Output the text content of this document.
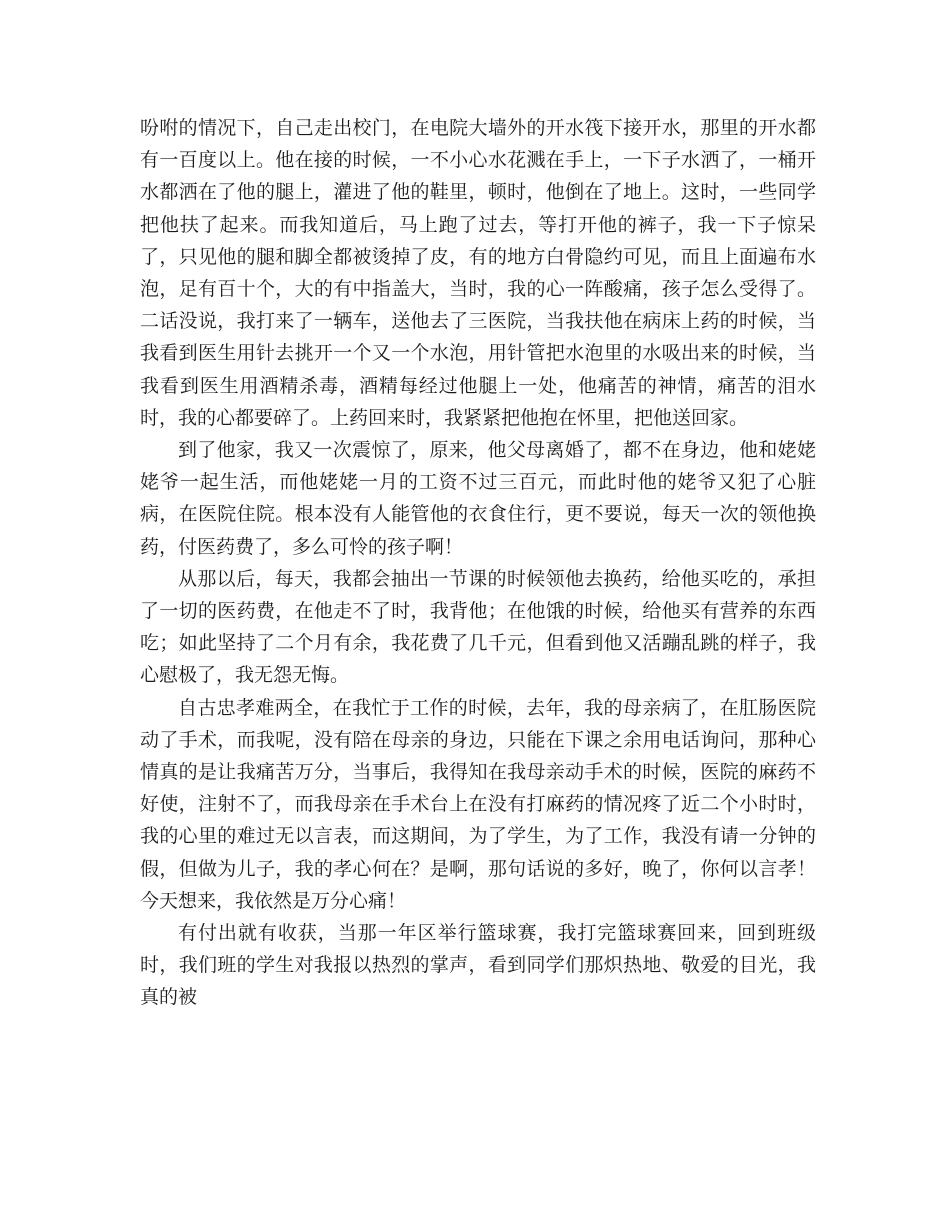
吩咐的情况下，自己走出校门，在电院大墙外的开水筏下接开水，那里的开水都有一百度以上。他在接的时候，一不小心水花溅在手上，一下子水洒了，一桶开水都洒在了他的腿上，灌进了他的鞋里，顿时，他倒在了地上。这时，一些同学把他扶了起来。而我知道后，马上跑了过去，等打开他的裤子，我一下子惊呆了，只见他的腿和脚全都被烫掉了皮，有的地方白骨隐约可见，而且上面遍布水泡，足有百十个，大的有中指盖大，当时，我的心一阵酸痛，孩子怎么受得了。二话没说，我打来了一辆车，送他去了三医院，当我扶他在病床上药的时候，当我看到医生用针去挑开一个又一个水泡，用针管把水泡里的水吸出来的时候，当我看到医生用酒精杀毒，酒精每经过他腿上一处，他痛苦的神情，痛苦的泪水时，我的心都要碎了。上药回来时，我紧紧把他抱在怀里，把他送回家。

到了他家，我又一次震惊了，原来，他父母离婚了，都不在身边，他和姥姥姥爷一起生活，而他姥姥一月的工资不过三百元，而此时他的姥爷又犯了心脏病，在医院住院。根本没有人能管他的衣食住行，更不要说，每天一次的领他换药，付医药费了，多么可怜的孩子啊！

从那以后，每天，我都会抽出一节课的时候领他去换药，给他买吃的，承担了一切的医药费，在他走不了时，我背他；在他饿的时候，给他买有营养的东西吃；如此坚持了二个月有余，我花费了几千元，但看到他又活蹦乱跳的样子，我心慰极了，我无怨无悔。

自古忠孝难两全，在我忙于工作的时候，去年，我的母亲病了，在肛肠医院动了手术，而我呢，没有陪在母亲的身边，只能在下课之余用电话询问，那种心情真的是让我痛苦万分，当事后，我得知在我母亲动手术的时候，医院的麻药不好使，注射不了，而我母亲在手术台上在没有打麻药的情况疼了近二个小时时，我的心里的难过无以言表，而这期间，为了学生，为了工作，我没有请一分钟的假，但做为儿子，我的孝心何在？是啊，那句话说的多好，晚了，你何以言孝！今天想来，我依然是万分心痛！

有付出就有收获，当那一年区举行篮球赛，我打完篮球赛回来，回到班级时，我们班的学生对我报以热烈的掌声，看到同学们那炽热地、敬爱的目光，我真的被
